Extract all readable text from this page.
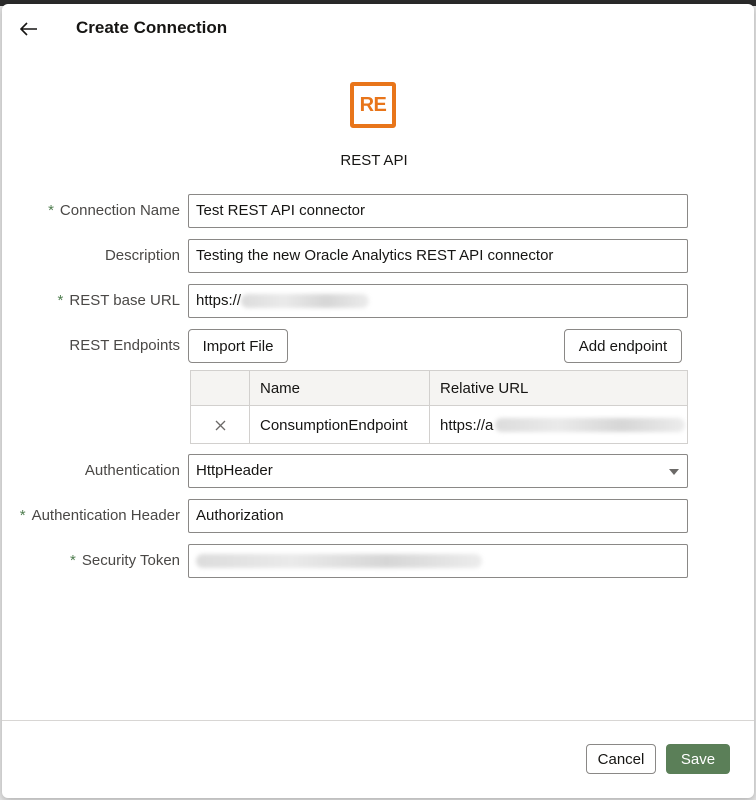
Create Connection
RE
REST API
* Connection Name	Test REST API connector
Description	Testing the new Oracle Analytics REST API connector
* REST base URL	https://
REST Endpoints	Import File	Add endpoint
Name	Relative URL
ConsumptionEndpoint	https://a
Authentication	HttpHeader
* Authentication Header	Authorization
* Security Token
Cancel	Save
